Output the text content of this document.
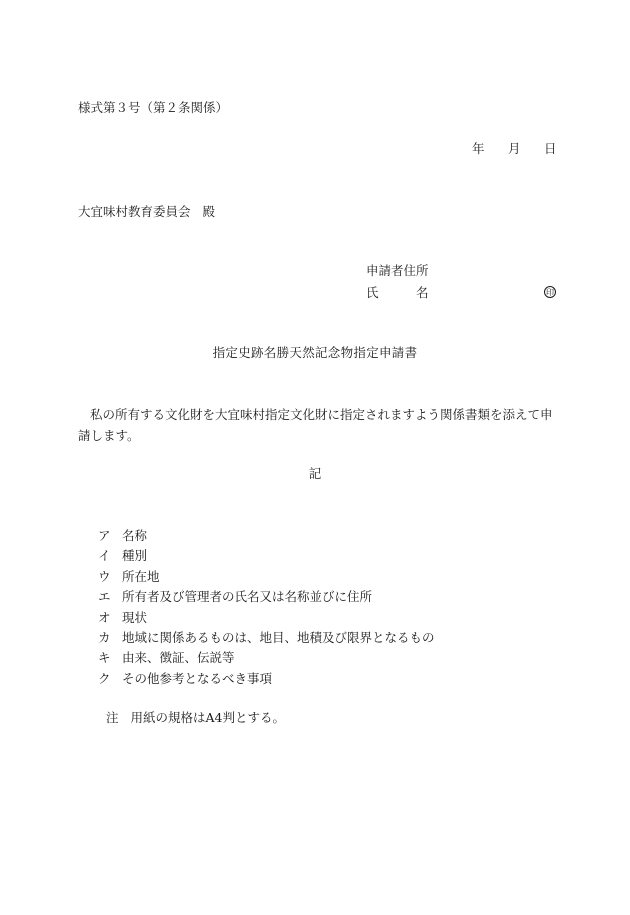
様式第３号（第２条関係）
年 月 日
大宜味村教育委員会 殿
申請者住所
氏	名	印
指定史跡名勝天然記念物指定申請書
私の所有する文化財を大宜味村指定文化財に指定されますよう関係書類を添えて申請します。
記
ア 名称
イ 種別
ウ 所在地
エ 所有者及び管理者の氏名又は名称並びに住所
オ 現状
カ 地域に関係あるものは、地目、地積及び限界となるもの
キ 由来、徴証、伝説等
ク その他参考となるべき事項
注 用紙の規格はA4判とする。
